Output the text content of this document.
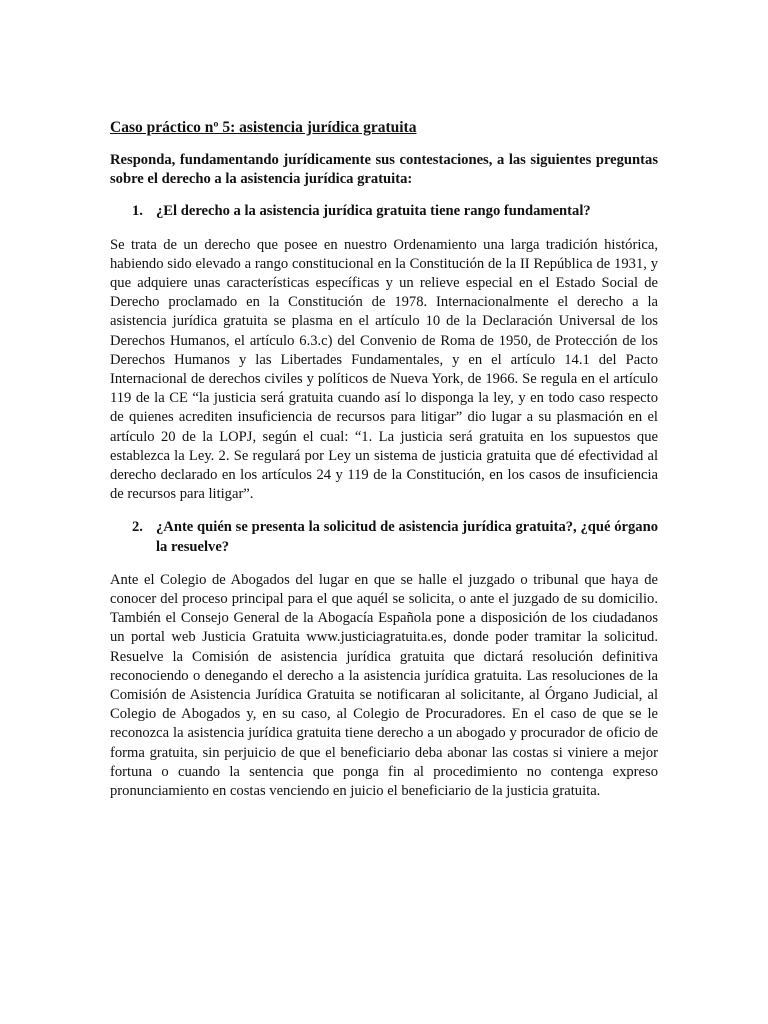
Caso práctico nº 5: asistencia jurídica gratuita
Responda, fundamentando jurídicamente sus contestaciones, a las siguientes preguntas sobre el derecho a la asistencia jurídica gratuita:
1. ¿El derecho a la asistencia jurídica gratuita tiene rango fundamental?
Se trata de un derecho que posee en nuestro Ordenamiento una larga tradición histórica, habiendo sido elevado a rango constitucional en la Constitución de la II República de 1931, y que adquiere unas características específicas y un relieve especial en el Estado Social de Derecho proclamado en la Constitución de 1978. Internacionalmente el derecho a la asistencia jurídica gratuita se plasma en el artículo 10 de la Declaración Universal de los Derechos Humanos, el artículo 6.3.c) del Convenio de Roma de 1950, de Protección de los Derechos Humanos y las Libertades Fundamentales, y en el artículo 14.1 del Pacto Internacional de derechos civiles y políticos de Nueva York, de 1966. Se regula en el artículo 119 de la CE “la justicia será gratuita cuando así lo disponga la ley, y en todo caso respecto de quienes acrediten insuficiencia de recursos para litigar” dio lugar a su plasmación en el artículo 20 de la LOPJ, según el cual: “1. La justicia será gratuita en los supuestos que establezca la Ley. 2. Se regulará por Ley un sistema de justicia gratuita que dé efectividad al derecho declarado en los artículos 24 y 119 de la Constitución, en los casos de insuficiencia de recursos para litigar”.
2. ¿Ante quién se presenta la solicitud de asistencia jurídica gratuita?, ¿qué órgano la resuelve?
Ante el Colegio de Abogados del lugar en que se halle el juzgado o tribunal que haya de conocer del proceso principal para el que aquél se solicita, o ante el juzgado de su domicilio. También el Consejo General de la Abogacía Española pone a disposición de los ciudadanos un portal web Justicia Gratuita www.justiciagratuita.es, donde poder tramitar la solicitud. Resuelve la Comisión de asistencia jurídica gratuita que dictará resolución definitiva reconociendo o denegando el derecho a la asistencia jurídica gratuita. Las resoluciones de la Comisión de Asistencia Jurídica Gratuita se notificaran al solicitante, al Órgano Judicial, al Colegio de Abogados y, en su caso, al Colegio de Procuradores. En el caso de que se le reconozca la asistencia jurídica gratuita tiene derecho a un abogado y procurador de oficio de forma gratuita, sin perjuicio de que el beneficiario deba abonar las costas si viniere a mejor fortuna o cuando la sentencia que ponga fin al procedimiento no contenga expreso pronunciamiento en costas venciendo en juicio el beneficiario de la justicia gratuita.
